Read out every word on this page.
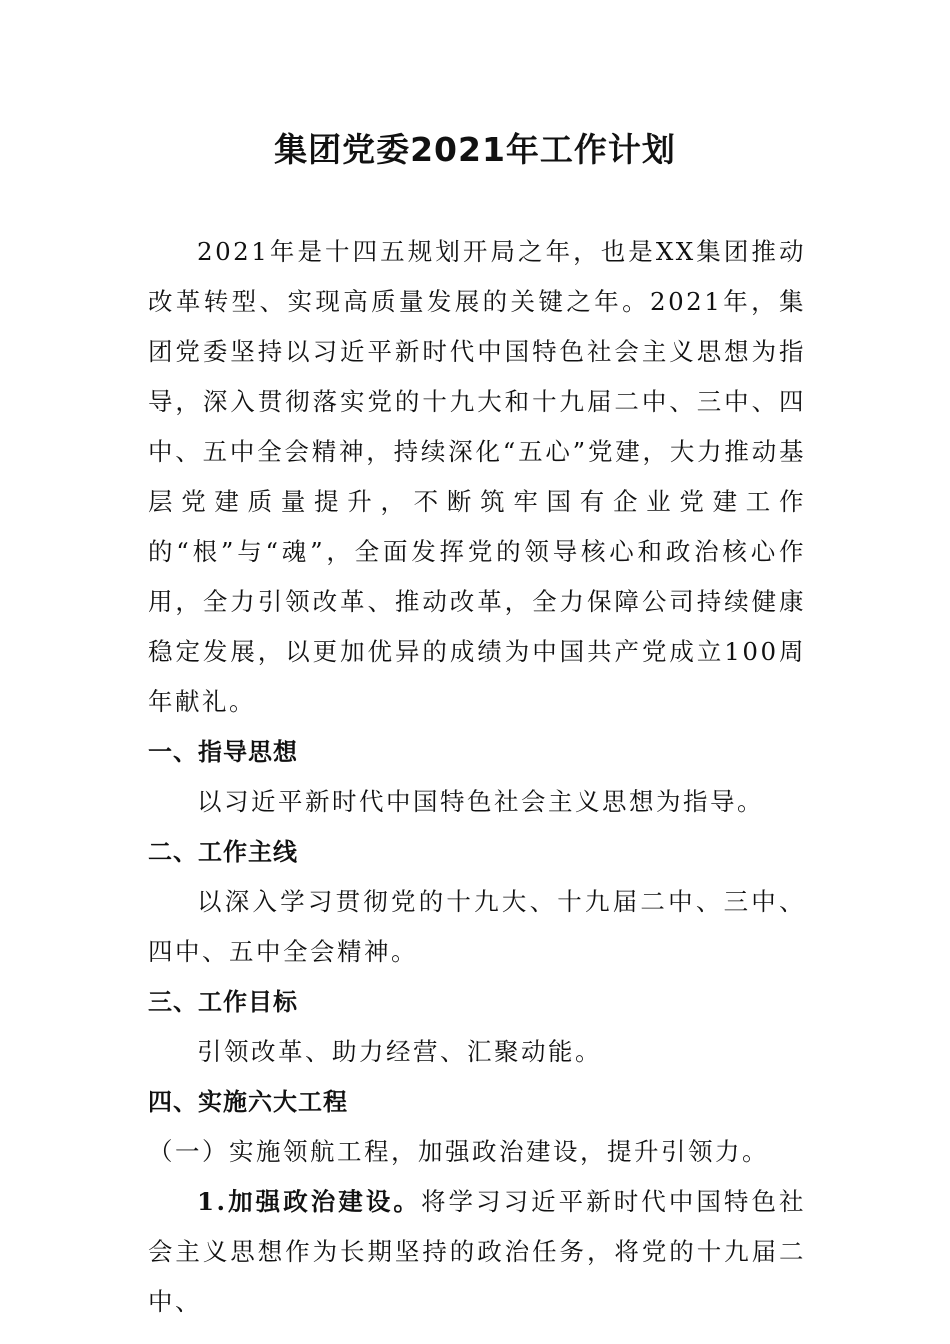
集团党委2021年工作计划

2021年是十四五规划开局之年，也是XX集团推动改革转型、实现高质量发展的关键之年。2021年，集团党委坚持以习近平新时代中国特色社会主义思想为指导，深入贯彻落实党的十九大和十九届二中、三中、四中、五中全会精神，持续深化“五心”党建，大力推动基层党建质量提升，不断筑牢国有企业党建工作的“根”与“魂”，全面发挥党的领导核心和政治核心作用，全力引领改革、推动改革，全力保障公司持续健康稳定发展，以更加优异的成绩为中国共产党成立100周年献礼。

一、指导思想

以习近平新时代中国特色社会主义思想为指导。

二、工作主线

以深入学习贯彻党的十九大、十九届二中、三中、四中、五中全会精神。

三、工作目标

引领改革、助力经营、汇聚动能。

四、实施六大工程

（一）实施领航工程，加强政治建设，提升引领力。

1.加强政治建设。将学习习近平新时代中国特色社会主义思想作为长期坚持的政治任务，将党的十九届二中、
